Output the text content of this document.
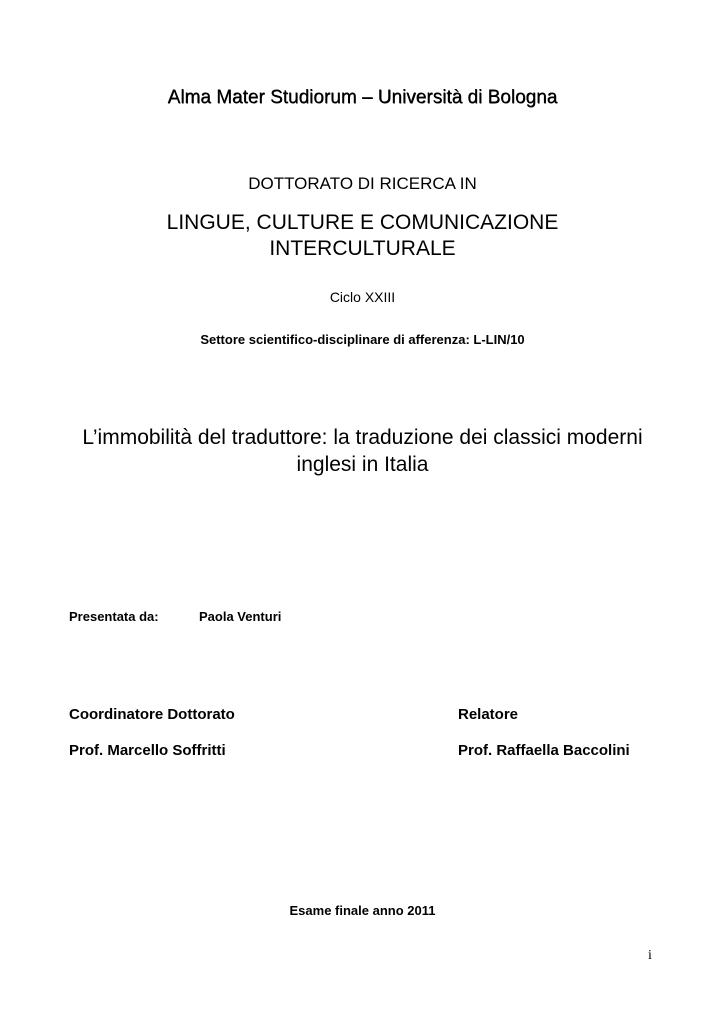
Alma Mater Studiorum – Università di Bologna
DOTTORATO DI RICERCA IN
LINGUE, CULTURE E COMUNICAZIONE
INTERCULTURALE
Ciclo XXIII
Settore scientifico-disciplinare di afferenza: L-LIN/10
L’immobilità del traduttore: la traduzione dei classici moderni
inglesi in Italia
Presentata da:	Paola Venturi
Coordinatore Dottorato
Prof. Marcello Soffritti
Relatore
Prof. Raffaella Baccolini
Esame finale anno 2011
i
